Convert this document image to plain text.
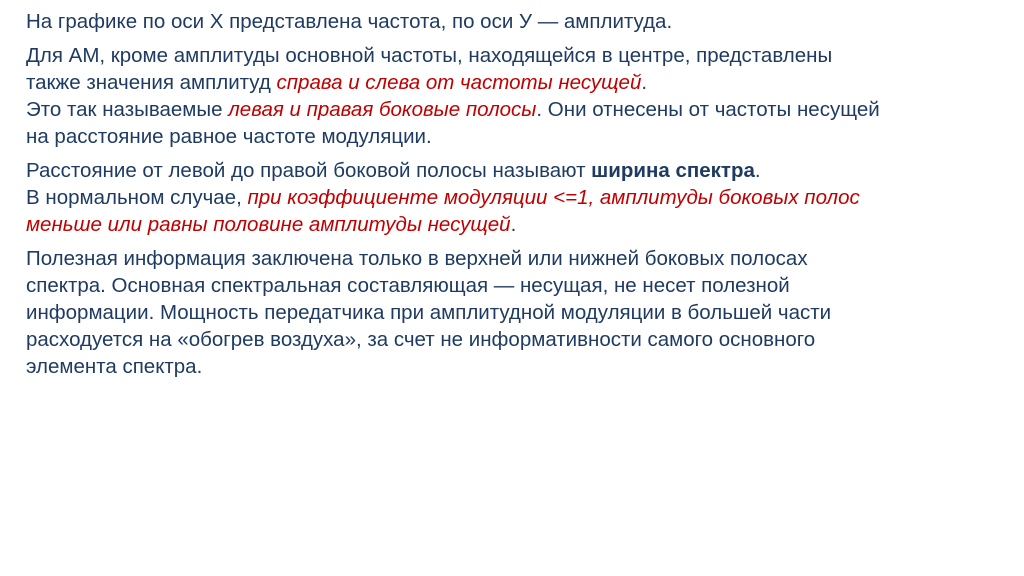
На графике по оси Х представлена частота, по оси У — амплитуда.

Для АМ, кроме амплитуды основной частоты, находящейся в центре, представлены
также значения амплитуд справа и слева от частоты несущей.
Это так называемые левая и правая боковые полосы. Они отнесены от частоты несущей
на расстояние равное частоте модуляции.

Расстояние от левой до правой боковой полосы называют ширина спектра.
В нормальном случае, при коэффициенте модуляции <=1, амплитуды боковых полос
меньше или равны половине амплитуды несущей.

Полезная информация заключена только в верхней или нижней боковых полосах
спектра. Основная спектральная составляющая — несущая, не несет полезной
информации. Мощность передатчика при амплитудной модуляции в большей части
расходуется на «обогрев воздуха», за счет не информативности самого основного
элемента спектра.
